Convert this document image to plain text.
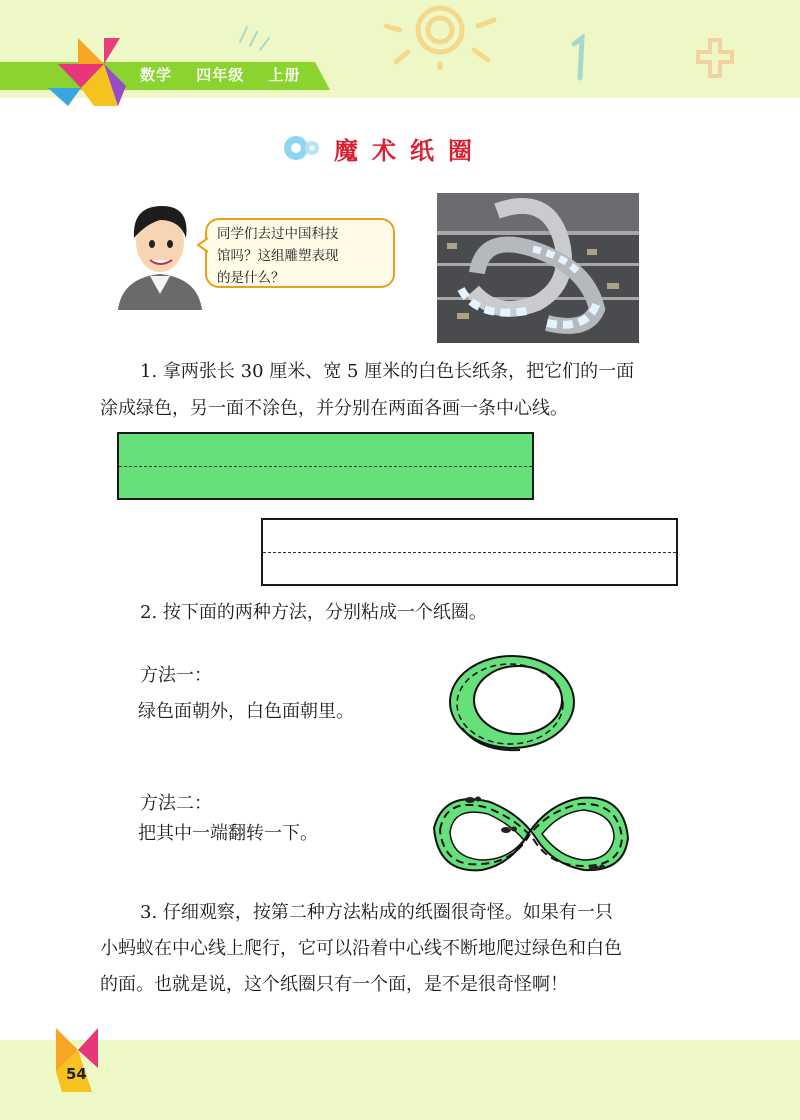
数学 四年级 上册
魔术纸圈

同学们去过中国科技

馆吗？这组雕塑表现

的是什么？

1. 拿两张长 30 厘米、宽 5 厘米的白色长纸条，把它们的一面
涂成绿色，另一面不涂色，并分别在两面各画一条中心线。
2. 按下面的两种方法，分别粘成一个纸圈。
方法一：
绿色面朝外，白色面朝里。
方法二：
把其中一端翻转一下。
3. 仔细观察，按第二种方法粘成的纸圈很奇怪。如果有一只
小蚂蚁在中心线上爬行，它可以沿着中心线不断地爬过绿色和白色
的面。也就是说，这个纸圈只有一个面，是不是很奇怪啊！
54
